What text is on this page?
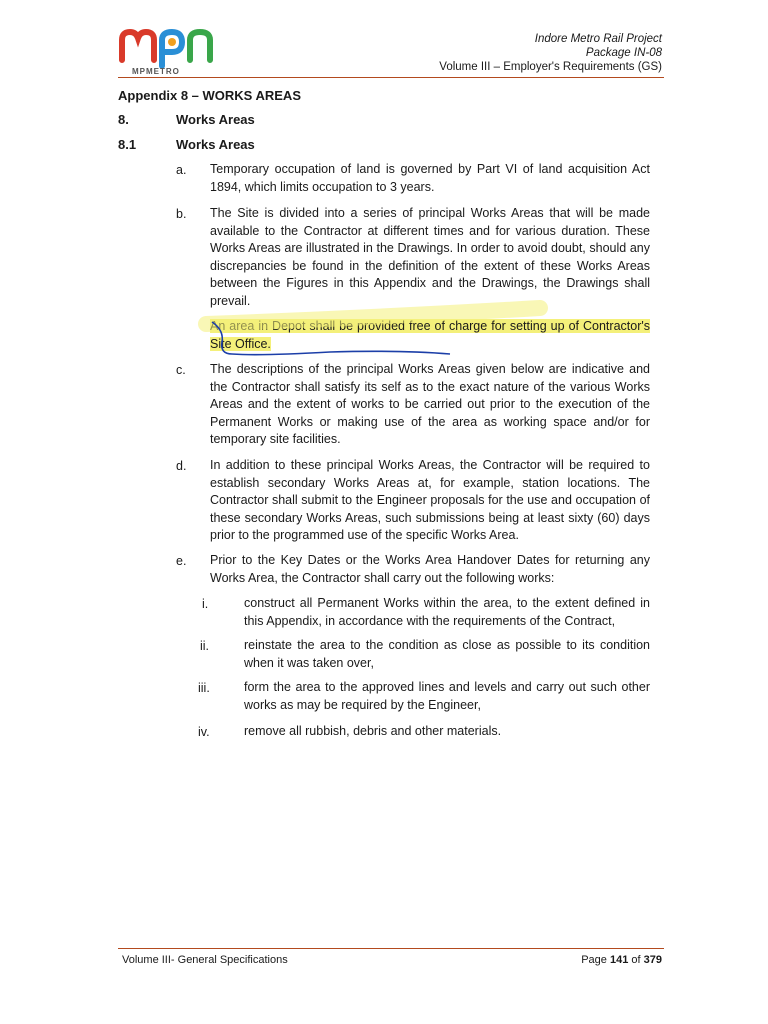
MPMETRO
Indore Metro Rail Project
Package IN-08
Volume III – Employer's Requirements (GS)
Appendix 8 – WORKS AREAS
8.	Works Areas
8.1	Works Areas
a. Temporary occupation of land is governed by Part VI of land acquisition Act 1894, which limits occupation to 3 years.
b. The Site is divided into a series of principal Works Areas that will be made available to the Contractor at different times and for various duration. These Works Areas are illustrated in the Drawings. In order to avoid doubt, should any discrepancies be found in the definition of the extent of these Works Areas between the Figures in this Appendix and the Drawings, the Drawings shall prevail.
An area in Depot shall be provided free of charge for setting up of Contractor's Site Office.
c. The descriptions of the principal Works Areas given below are indicative and the Contractor shall satisfy its self as to the exact nature of the various Works Areas and the extent of works to be carried out prior to the execution of the Permanent Works or making use of the area as working space and/or for temporary site facilities.
d. In addition to these principal Works Areas, the Contractor will be required to establish secondary Works Areas at, for example, station locations. The Contractor shall submit to the Engineer proposals for the use and occupation of these secondary Works Areas, such submissions being at least sixty (60) days prior to the programmed use of the specific Works Area.
e. Prior to the Key Dates or the Works Area Handover Dates for returning any Works Area, the Contractor shall carry out the following works:
i.	construct all Permanent Works within the area, to the extent defined in this Appendix, in accordance with the requirements of the Contract,
ii.	reinstate the area to the condition as close as possible to its condition when it was taken over,
iii.	form the area to the approved lines and levels and carry out such other works as may be required by the Engineer,
iv.	remove all rubbish, debris and other materials.
Volume III- General Specifications	Page 141 of 379
